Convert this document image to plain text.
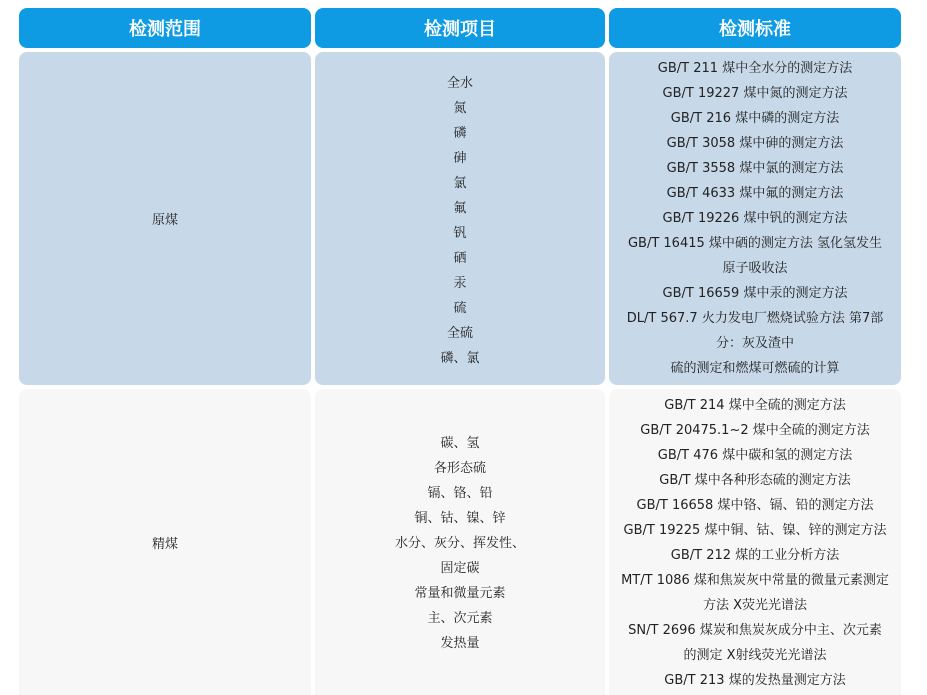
检测范围	检测项目	检测标准
原煤
全水
氮
磷
砷
氯
氟
钒
硒
汞
硫
全硫
磷、氯
GB/T 211 煤中全水分的测定方法
GB/T 19227 煤中氮的测定方法
GB/T 216 煤中磷的测定方法
GB/T 3058 煤中砷的测定方法
GB/T 3558 煤中氯的测定方法
GB/T 4633 煤中氟的测定方法
GB/T 19226 煤中钒的测定方法
GB/T 16415 煤中硒的测定方法 氢化氢发生
原子吸收法
GB/T 16659 煤中汞的测定方法
DL/T 567.7 火力发电厂燃烧试验方法 第7部
分：灰及渣中
硫的测定和燃煤可燃硫的计算
精煤
碳、氢
各形态硫
镉、铬、铅
铜、钴、镍、锌
水分、灰分、挥发性、
固定碳
常量和微量元素
主、次元素
发热量
GB/T 214 煤中全硫的测定方法
GB/T 20475.1~2 煤中全硫的测定方法
GB/T 476 煤中碳和氢的测定方法
GB/T 煤中各种形态硫的测定方法
GB/T 16658 煤中铬、镉、铅的测定方法
GB/T 19225 煤中铜、钴、镍、锌的测定方法
GB/T 212 煤的工业分析方法
MT/T 1086 煤和焦炭灰中常量的微量元素测定
方法 X荧光光谱法
SN/T 2696 煤炭和焦炭灰成分中主、次元素
的测定 X射线荧光光谱法
GB/T 213 煤的发热量测定方法
